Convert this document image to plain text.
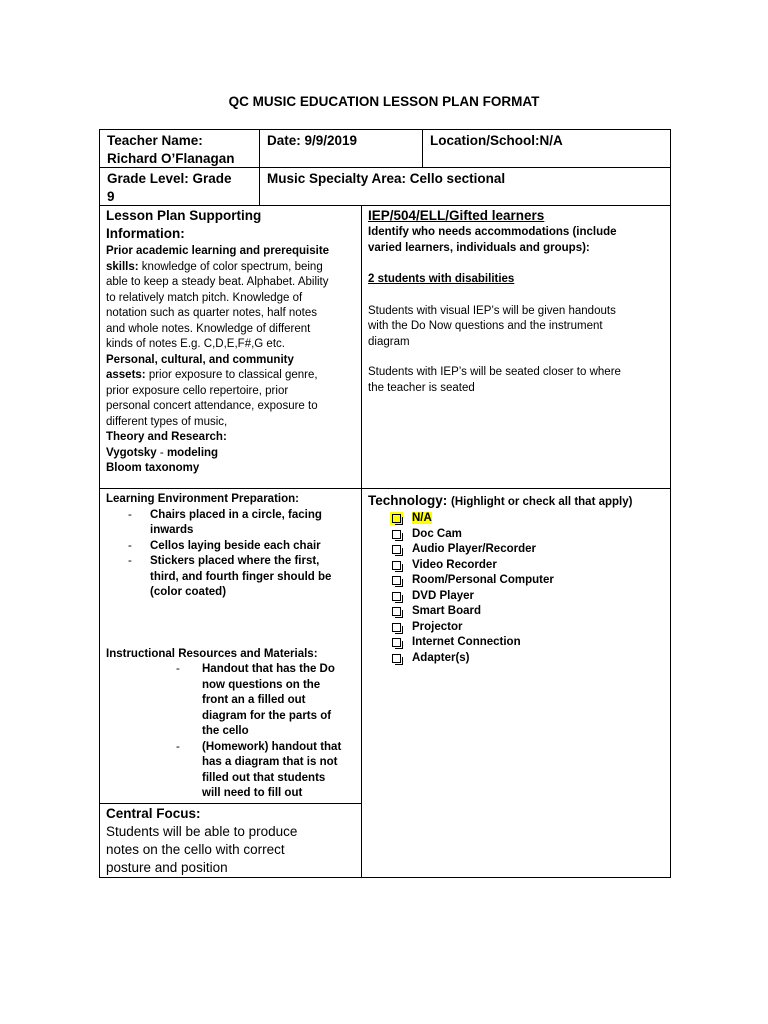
QC MUSIC EDUCATION LESSON PLAN FORMAT
Teacher Name:
Richard O’Flanagan
Date: 9/9/2019	Location/School:N/A
Grade Level: Grade
9
Music Specialty Area: Cello sectional
Lesson Plan Supporting
Information:
Prior academic learning and prerequisite
skills: knowledge of color spectrum, being
able to keep a steady beat. Alphabet. Ability
to relatively match pitch. Knowledge of
notation such as quarter notes, half notes
and whole notes. Knowledge of different
kinds of notes E.g. C,D,E,F#,G etc.
Personal, cultural, and community
assets: prior exposure to classical genre,
prior exposure cello repertoire, prior
personal concert attendance, exposure to
different types of music,
Theory and Research:
Vygotsky - modeling
Bloom taxonomy
IEP/504/ELL/Gifted learners
Identify who needs accommodations (include
varied learners, individuals and groups):
2 students with disabilities
Students with visual IEP’s will be given handouts
with the Do Now questions and the instrument
diagram
Students with IEP’s will be seated closer to where
the teacher is seated
Learning Environment Preparation:
- Chairs placed in a circle, facing
inwards
- Cellos laying beside each chair
- Stickers placed where the first,
third, and fourth finger should be
(color coated)
Instructional Resources and Materials:
- Handout that has the Do
now questions on the
front an a filled out
diagram for the parts of
the cello
- (Homework) handout that
has a diagram that is not
filled out that students
will need to fill out
Technology: (Highlight or check all that apply)
N/A
Doc Cam
Audio Player/Recorder
Video Recorder
Room/Personal Computer
DVD Player
Smart Board
Projector
Internet Connection
Adapter(s)
Central Focus:
Students will be able to produce
notes on the cello with correct
posture and position
